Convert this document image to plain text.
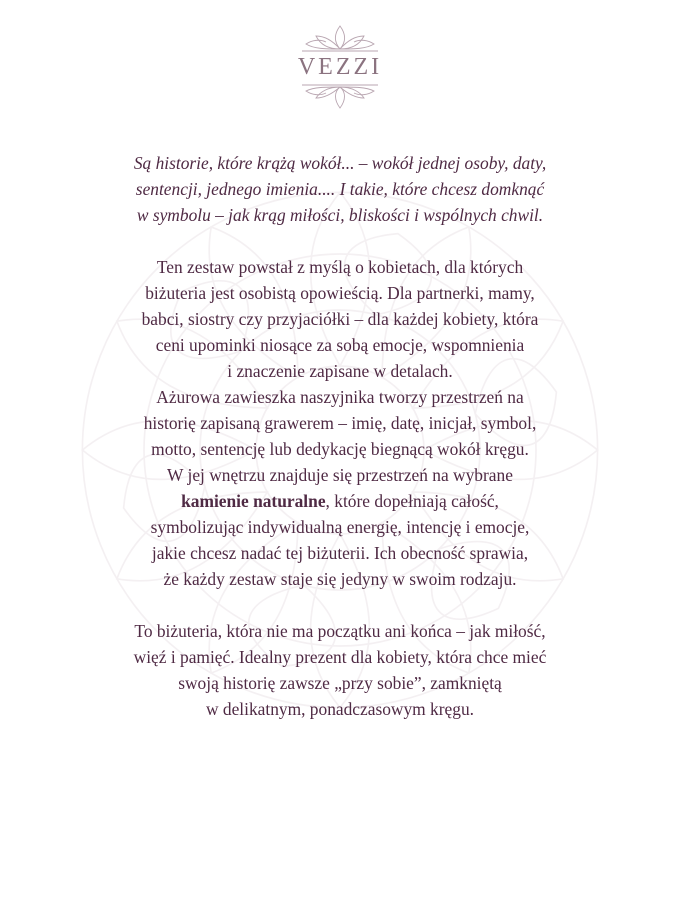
VEZZI
Są historie, które krążą wokół... – wokół jednej osoby, daty,
sentencji, jednego imienia.... I takie, które chcesz domknąć
w symbolu – jak krąg miłości, bliskości i wspólnych chwil.
Ten zestaw powstał z myślą o kobietach, dla których
biżuteria jest osobistą opowieścią. Dla partnerki, mamy,
babci, siostry czy przyjaciółki – dla każdej kobiety, która
ceni upominki niosące za sobą emocje, wspomnienia
i znaczenie zapisane w detalach.
Ażurowa zawieszka naszyjnika tworzy przestrzeń na
historię zapisaną grawerem – imię, datę, inicjał, symbol,
motto, sentencję lub dedykację biegnącą wokół kręgu.
W jej wnętrzu znajduje się przestrzeń na wybrane
kamienie naturalne, które dopełniają całość,
symbolizując indywidualną energię, intencję i emocje,
jakie chcesz nadać tej biżuterii. Ich obecność sprawia,
że każdy zestaw staje się jedyny w swoim rodzaju.
To biżuteria, która nie ma początku ani końca – jak miłość,
więź i pamięć. Idealny prezent dla kobiety, która chce mieć
swoją historię zawsze „przy sobie”, zamkniętą
w delikatnym, ponadczasowym kręgu.
